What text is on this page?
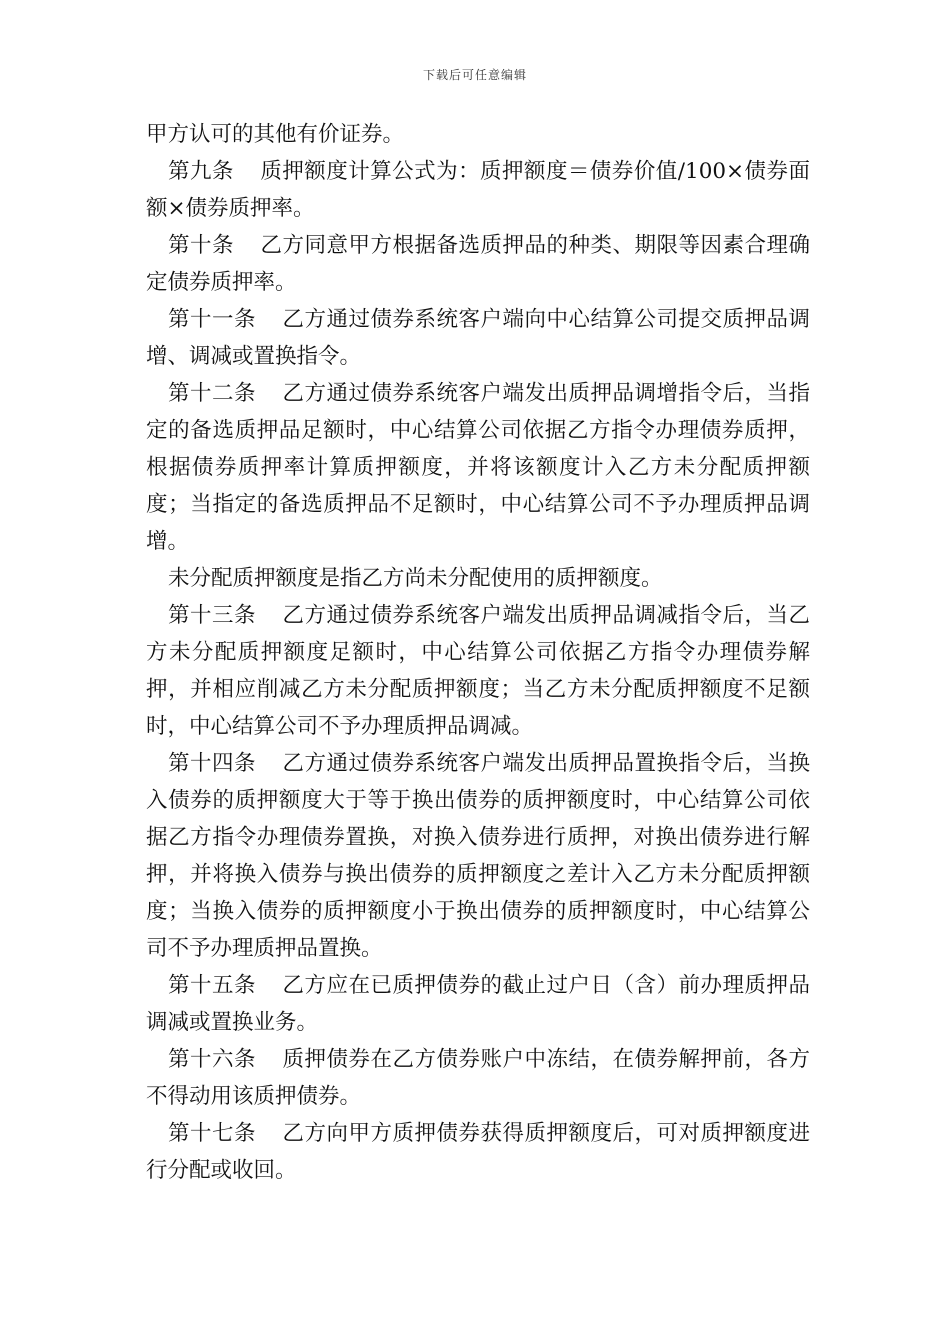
下载后可任意编辑

甲方认可的其他有价证券。

第九条 质押额度计算公式为：质押额度＝债券价值/100×债券面额×债券质押率。

第十条 乙方同意甲方根据备选质押品的种类、期限等因素合理确定债券质押率。

第十一条 乙方通过债券系统客户端向中心结算公司提交质押品调增、调减或置换指令。

第十二条 乙方通过债券系统客户端发出质押品调增指令后，当指定的备选质押品足额时，中心结算公司依据乙方指令办理债券质押，根据债券质押率计算质押额度，并将该额度计入乙方未分配质押额度；当指定的备选质押品不足额时，中心结算公司不予办理质押品调增。

未分配质押额度是指乙方尚未分配使用的质押额度。

第十三条 乙方通过债券系统客户端发出质押品调减指令后，当乙方未分配质押额度足额时，中心结算公司依据乙方指令办理债券解押，并相应削减乙方未分配质押额度；当乙方未分配质押额度不足额时，中心结算公司不予办理质押品调减。

第十四条 乙方通过债券系统客户端发出质押品置换指令后，当换入债券的质押额度大于等于换出债券的质押额度时，中心结算公司依据乙方指令办理债券置换，对换入债券进行质押，对换出债券进行解押，并将换入债券与换出债券的质押额度之差计入乙方未分配质押额度；当换入债券的质押额度小于换出债券的质押额度时，中心结算公司不予办理质押品置换。

第十五条 乙方应在已质押债券的截止过户日（含）前办理质押品调减或置换业务。

第十六条 质押债券在乙方债券账户中冻结，在债券解押前，各方不得动用该质押债券。

第十七条 乙方向甲方质押债券获得质押额度后，可对质押额度进行分配或收回。
